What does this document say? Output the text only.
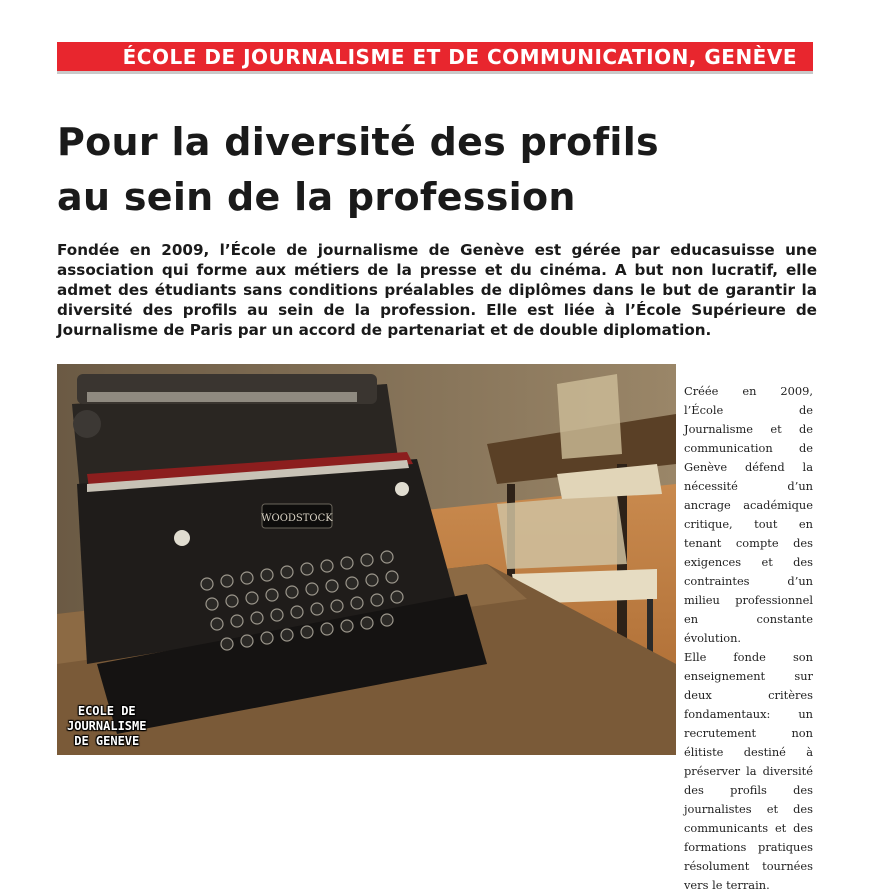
ÉCOLE DE JOURNALISME ET DE COMMUNICATION, GENÈVE
Pour la diversité des profils
au sein de la profession
Fondée en 2009, l’École de journalisme de Genève est gérée par educasuisse une association qui forme aux métiers de la presse et du cinéma. A but non lucratif, elle admet des étudiants sans conditions préalables de diplômes dans le but de garantir la diversité des profils au sein de la profession. Elle est liée à l’École Supérieure de Journalisme de Paris par un accord de partenariat et de double diplomation.
WOODSTOCK
ECOLE DE
JOURNALISME
DE GENEVE

Créée en 2009, l’École de Journalisme et de communication de Genève défend la nécessité d’un ancrage académique critique, tout en tenant compte des exigences et des contraintes d’un milieu professionnel en constante évolution.

Elle fonde son enseignement sur deux critères fondamentaux: un recrutement non élitiste destiné à préserver la diversité des profils des journalistes et des communicants et des formations pratiques résolument tournées vers le terrain.
